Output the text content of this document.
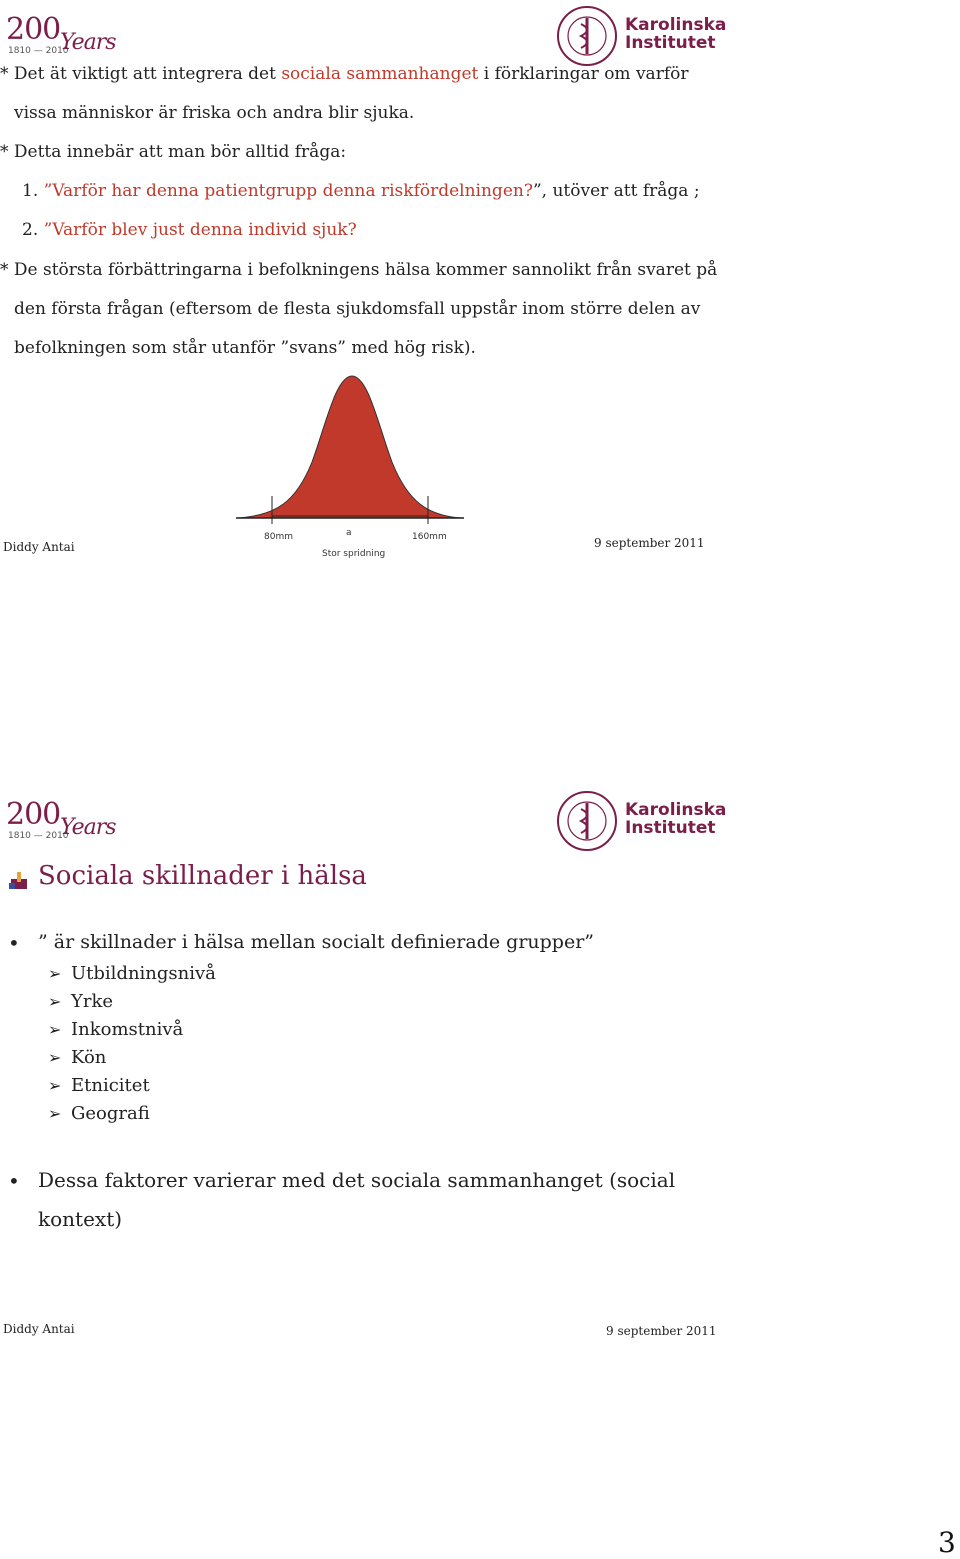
200
1810 — 2010
Years
Karolinska
Institutet
* Det ät viktigt att integrera det sociala sammanhanget i förklaringar om varför
vissa människor är friska och andra blir sjuka.
* Detta innebär att man bör alltid fråga:
1. ”Varför har denna patientgrupp denna riskfördelningen?”, utöver att fråga ;
2. ”Varför blev just denna individ sjuk?
* De största förbättringarna i befolkningens hälsa kommer sannolikt från svaret på
den första frågan (eftersom de flesta sjukdomsfall uppstår inom större delen av
befolkningen som står utanför ”svans” med hög risk).
80mm	a	160mm
Stor spridning
Diddy Antai	9 september 2011
200
1810 — 2010
Years
Karolinska
Institutet
Sociala skillnader i hälsa
• ” är skillnader i hälsa mellan socialt definierade grupper”
➢ Utbildningsnivå
➢ Yrke
➢ Inkomstnivå
➢ Kön
➢ Etnicitet
➢ Geografi
• Dessa faktorer varierar med det sociala sammanhanget (social
kontext)
Diddy Antai	9 september 2011
3
